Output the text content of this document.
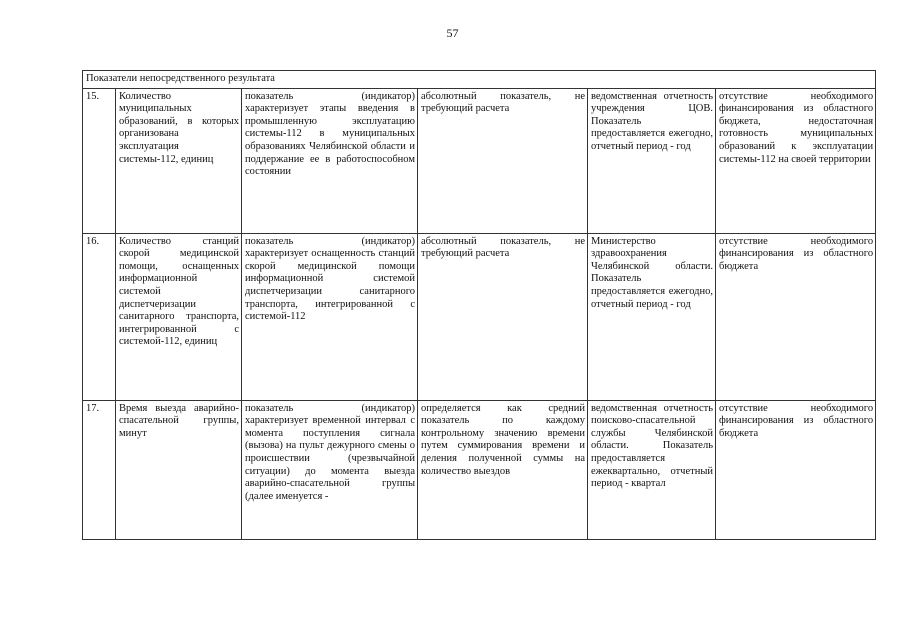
57
Показатели непосредственного результата					
15.	Количество муниципальных образований, в которых организована эксплуатация системы-112, единиц	показатель (индикатор) характеризует этапы введения в промышленную эксплуатацию системы-112 в муниципальных образованиях Челябинской области и поддержание ее в работоспособном состоянии	абсолютный показатель, не требующий расчета	ведомственная отчетность учреждения ЦОВ. Показатель предоставляется ежегодно, отчетный период - год	отсутствие необходимого финансирования из областного бюджета, недостаточная готовность муниципальных образований к эксплуатации системы-112 на своей территории
16.	Количество станций скорой медицинской помощи, оснащенных информационной системой диспетчеризации санитарного транспорта, интегрированной с системой-112, единиц	показатель (индикатор) характеризует оснащенность станций скорой медицинской помощи информационной системой диспетчеризации санитарного транспорта, интегрированной с системой-112	абсолютный показатель, не требующий расчета	Министерство здравоохранения Челябинской области. Показатель предоставляется ежегодно, отчетный период - год	отсутствие необходимого финансирования из областного бюджета
17.	Время выезда аварийно-спасательной группы, минут	показатель (индикатор) характеризует временной интервал с момента поступления сигнала (вызова) на пульт дежурного смены о происшествии (чрезвычайной ситуации) до момента выезда аварийно-спасательной группы (далее именуется -	определяется как средний показатель по каждому контрольному значению времени путем суммирования времени и деления полученной суммы на количество выездов	ведомственная отчетность поисково-спасательной службы Челябинской области. Показатель предоставляется ежеквартально, отчетный период - квартал	отсутствие необходимого финансирования из областного бюджета
